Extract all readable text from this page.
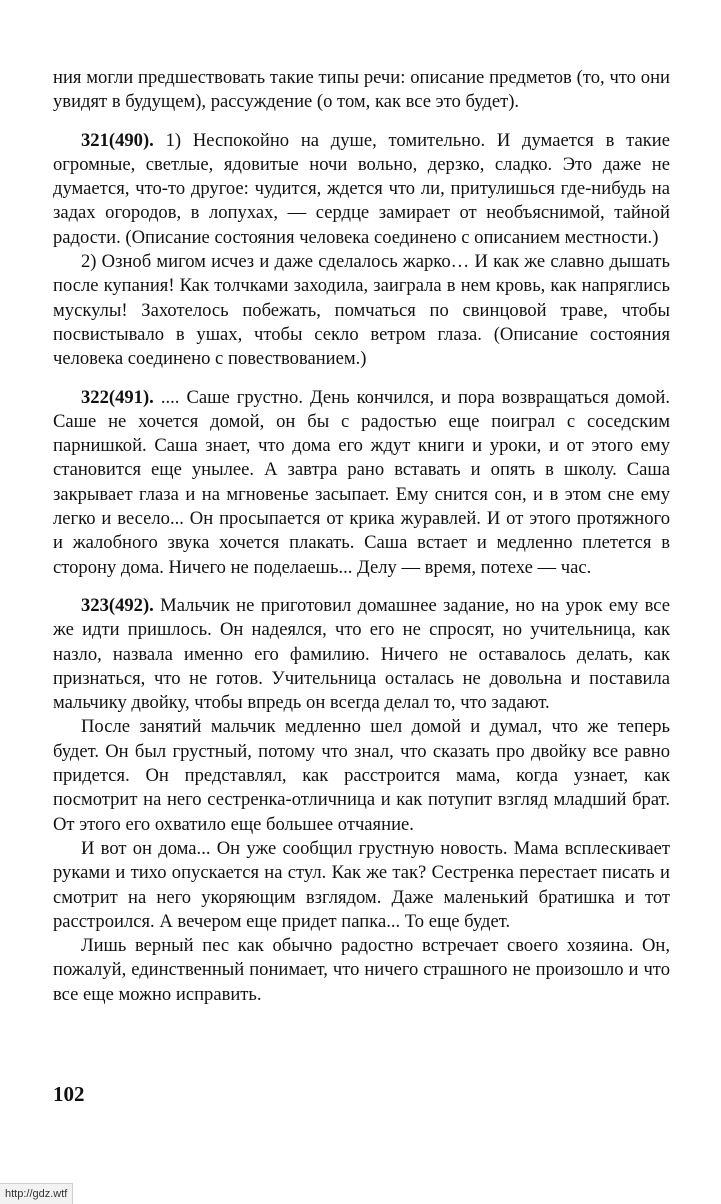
ния могли предшествовать такие типы речи: описание предметов (то, что они увидят в будущем), рассуждение (о том, как все это будет).

321(490). 1) Неспокойно на душе, томительно. И думается в такие огромные, светлые, ядовитые ночи вольно, дерзко, сладко. Это даже не думается, что-то другое: чудится, ждется что ли, притулишься где-нибудь на задах огородов, в лопухах, — сердце замирает от необъяснимой, тайной радости. (Описание состояния человека соединено с описанием местности.)

2) Озноб мигом исчез и даже сделалось жарко… И как же славно дышать после купания! Как толчками заходила, заиграла в нем кровь, как напряглись мускулы! Захотелось побежать, помчаться по свинцовой траве, чтобы посвистывало в ушах, чтобы секло ветром глаза. (Описание состояния человека соединено с повествованием.)

322(491). .... Саше грустно. День кончился, и пора возвращаться домой. Саше не хочется домой, он бы с радостью еще поиграл с соседским парнишкой. Саша знает, что дома его ждут книги и уроки, и от этого ему становится еще унылее. А завтра рано вставать и опять в школу. Саша закрывает глаза и на мгновенье засыпает. Ему снится сон, и в этом сне ему легко и весело... Он просыпается от крика журавлей. И от этого протяжного и жалобного звука хочется плакать. Саша встает и медленно плетется в сторону дома. Ничего не поделаешь... Делу — время, потехе — час.

323(492). Мальчик не приготовил домашнее задание, но на урок ему все же идти пришлось. Он надеялся, что его не спросят, но учительница, как назло, назвала именно его фамилию. Ничего не оставалось делать, как признаться, что не готов. Учительница осталась не довольна и поставила мальчику двойку, чтобы впредь он всегда делал то, что задают.

После занятий мальчик медленно шел домой и думал, что же теперь будет. Он был грустный, потому что знал, что сказать про двойку все равно придется. Он представлял, как расстроится мама, когда узнает, как посмотрит на него сестренка-отличница и как потупит взгляд младший брат. От этого его охватило еще большее отчаяние.

И вот он дома... Он уже сообщил грустную новость. Мама всплескивает руками и тихо опускается на стул. Как же так? Сестренка перестает писать и смотрит на него укоряющим взглядом. Даже маленький братишка и тот расстроился. А вечером еще придет папка... То еще будет.

Лишь верный пес как обычно радостно встречает своего хозяина. Он, пожалуй, единственный понимает, что ничего страшного не произошло и что все еще можно исправить.

102
http://gdz.wtf
